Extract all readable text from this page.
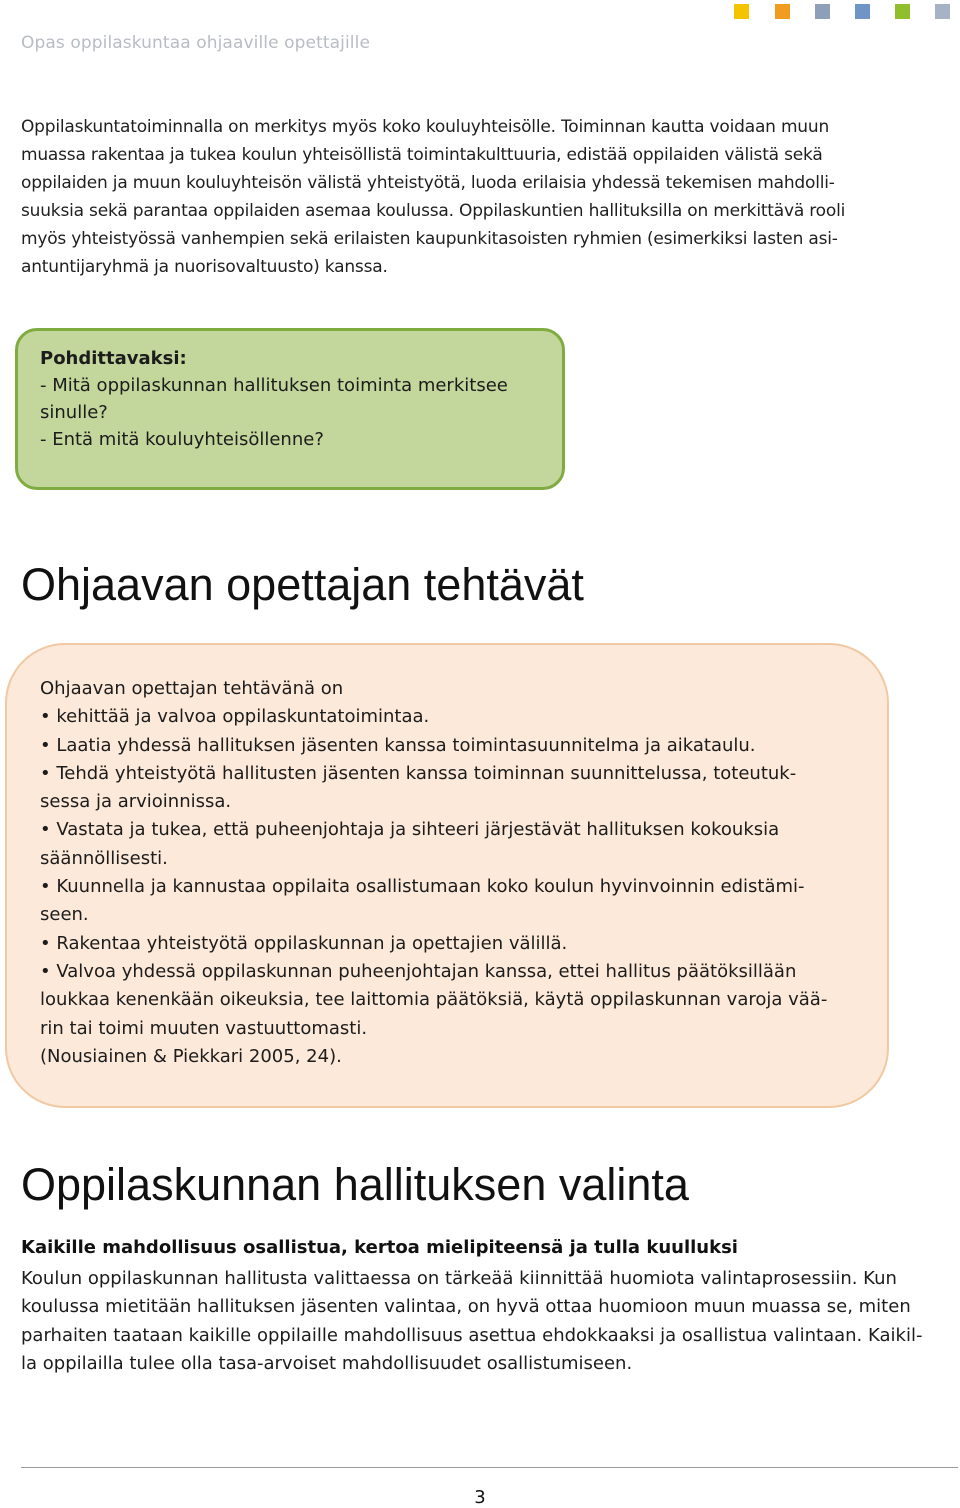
Opas oppilaskuntaa ohjaaville opettajille

Oppilaskuntatoiminnalla on merkitys myös koko kouluyhteisölle. Toiminnan kautta voidaan muun
muassa rakentaa ja tukea koulun yhteisöllistä toimintakulttuuria, edistää oppilaiden välistä sekä
oppilaiden ja muun kouluyhteisön välistä yhteistyötä, luoda erilaisia yhdessä tekemisen mahdolli-
suuksia sekä parantaa oppilaiden asemaa koulussa. Oppilaskuntien hallituksilla on merkittävä rooli
myös yhteistyössä vanhempien sekä erilaisten kaupunkitasoisten ryhmien (esimerkiksi lasten asi-
antuntijaryhmä ja nuorisovaltuusto) kanssa.

Pohdittavaksi:
- Mitä oppilaskunnan hallituksen toiminta merkitsee
sinulle?
- Entä mitä kouluyhteisöllenne?
Ohjaavan opettajan tehtävät
Ohjaavan opettajan tehtävänä on
• kehittää ja valvoa oppilaskuntatoimintaa.
• Laatia yhdessä hallituksen jäsenten kanssa toimintasuunnitelma ja aikataulu.
• Tehdä yhteistyötä hallitusten jäsenten kanssa toiminnan suunnittelussa, toteutuk-
sessa ja arvioinnissa.
• Vastata ja tukea, että puheenjohtaja ja sihteeri järjestävät hallituksen kokouksia
säännöllisesti.
• Kuunnella ja kannustaa oppilaita osallistumaan koko koulun hyvinvoinnin edistämi-
seen.
• Rakentaa yhteistyötä oppilaskunnan ja opettajien välillä.
• Valvoa yhdessä oppilaskunnan puheenjohtajan kanssa, ettei hallitus päätöksillään
loukkaa kenenkään oikeuksia, tee laittomia päätöksiä, käytä oppilaskunnan varoja vää-
rin tai toimi muuten vastuuttomasti.
(Nousiainen & Piekkari 2005, 24).
Oppilaskunnan hallituksen valinta

Kaikille mahdollisuus osallistua, kertoa mielipiteensä ja tulla kuulluksi

Koulun oppilaskunnan hallitusta valittaessa on tärkeää kiinnittää huomiota valintaprosessiin. Kun
koulussa mietitään hallituksen jäsenten valintaa, on hyvä ottaa huomioon muun muassa se, miten
parhaiten taataan kaikille oppilaille mahdollisuus asettua ehdokkaaksi ja osallistua valintaan. Kaikil-
la oppilailla tulee olla tasa-arvoiset mahdollisuudet osallistumiseen.
3
